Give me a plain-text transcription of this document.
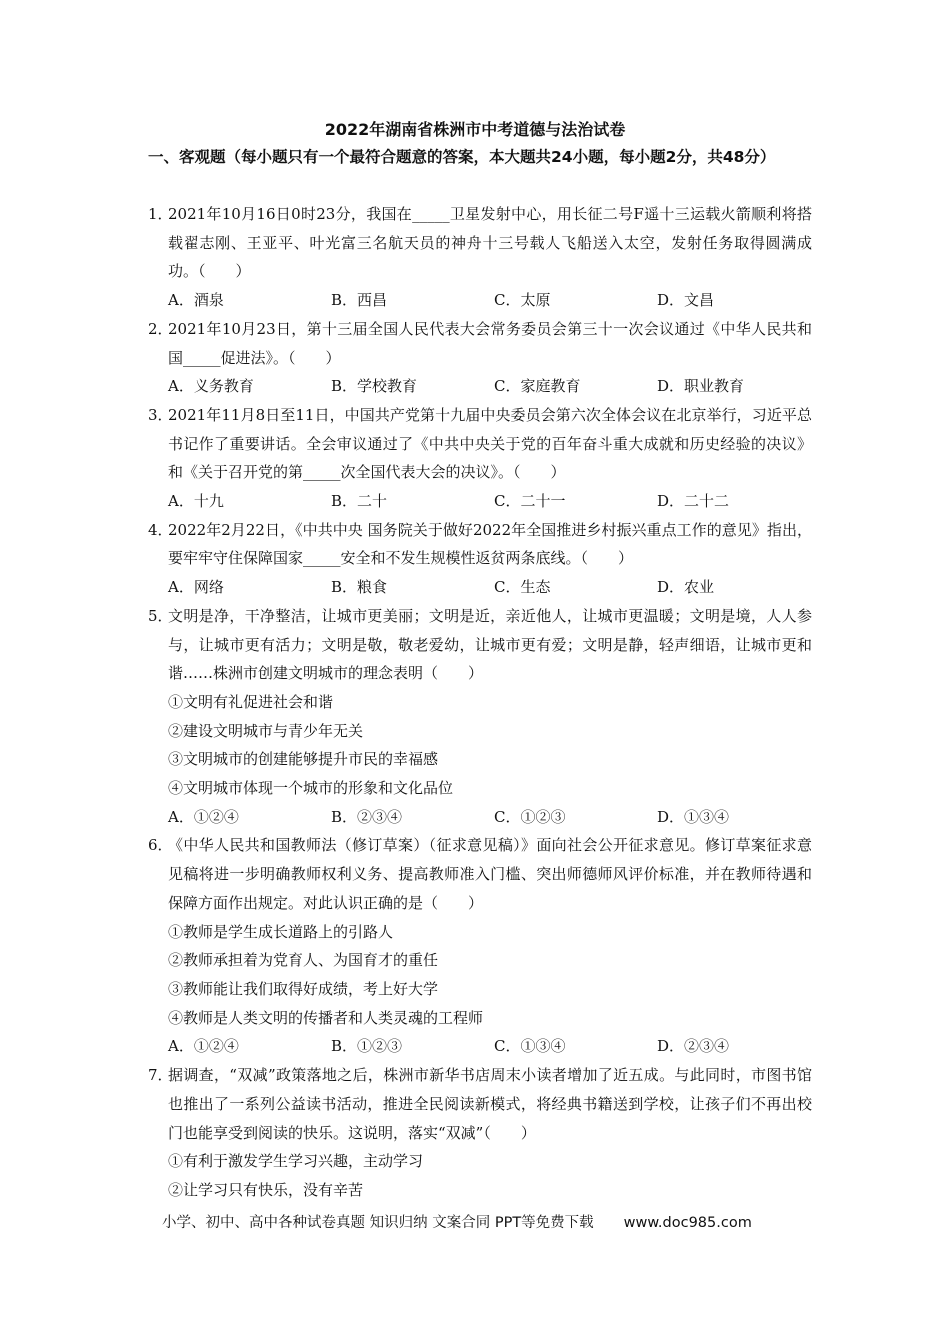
2022年湖南省株洲市中考道德与法治试卷
一、客观题（每小题只有一个最符合题意的答案，本大题共24小题，每小题2分，共48分）
1．
2021年10月16日0时23分，我国在_____卫星发射中心，用长征二号F遥十三运载火箭顺利将搭载翟志刚、王亚平、叶光富三名航天员的神舟十三号载人飞船送入太空，发射任务取得圆满成功。（　　）
A．酒泉	B．西昌	C．太原	D．文昌
2．
2021年10月23日，第十三届全国人民代表大会常务委员会第三十一次会议通过《中华人民共和国_____促进法》。（　　）
A．义务教育	B．学校教育	C．家庭教育	D．职业教育
3．
2021年11月8日至11日，中国共产党第十九届中央委员会第六次全体会议在北京举行，习近平总书记作了重要讲话。全会审议通过了《中共中央关于党的百年奋斗重大成就和历史经验的决议》和《关于召开党的第_____次全国代表大会的决议》。（　　）
A．十九	B．二十	C．二十一	D．二十二
4．
2022年2月22日，《中共中央 国务院关于做好2022年全国推进乡村振兴重点工作的意见》指出，要牢牢守住保障国家_____安全和不发生规模性返贫两条底线。（　　）
A．网络	B．粮食	C．生态	D．农业
5．
文明是净，干净整洁，让城市更美丽；文明是近，亲近他人，让城市更温暖；文明是境，人人参与，让城市更有活力；文明是敬，敬老爱幼，让城市更有爱；文明是静，轻声细语，让城市更和谐……株洲市创建文明城市的理念表明（　　）
①文明有礼促进社会和谐
②建设文明城市与青少年无关
③文明城市的创建能够提升市民的幸福感
④文明城市体现一个城市的形象和文化品位
A．①②④	B．②③④	C．①②③	D．①③④
6．
《中华人民共和国教师法（修订草案）（征求意见稿）》面向社会公开征求意见。修订草案征求意见稿将进一步明确教师权利义务、提高教师准入门槛、突出师德师风评价标准，并在教师待遇和保障方面作出规定。对此认识正确的是（　　）
①教师是学生成长道路上的引路人
②教师承担着为党育人、为国育才的重任
③教师能让我们取得好成绩，考上好大学
④教师是人类文明的传播者和人类灵魂的工程师
A．①②④	B．①②③	C．①③④	D．②③④
7．
据调查，“双减”政策落地之后，株洲市新华书店周末小读者增加了近五成。与此同时，市图书馆也推出了一系列公益读书活动，推进全民阅读新模式，将经典书籍送到学校，让孩子们不再出校门也能享受到阅读的快乐。这说明，落实“双减”（　　）
①有利于激发学生学习兴趣，主动学习
②让学习只有快乐，没有辛苦
小学、初中、高中各种试卷真题 知识归纳 文案合同 PPT等免费下载 www.doc985.com
